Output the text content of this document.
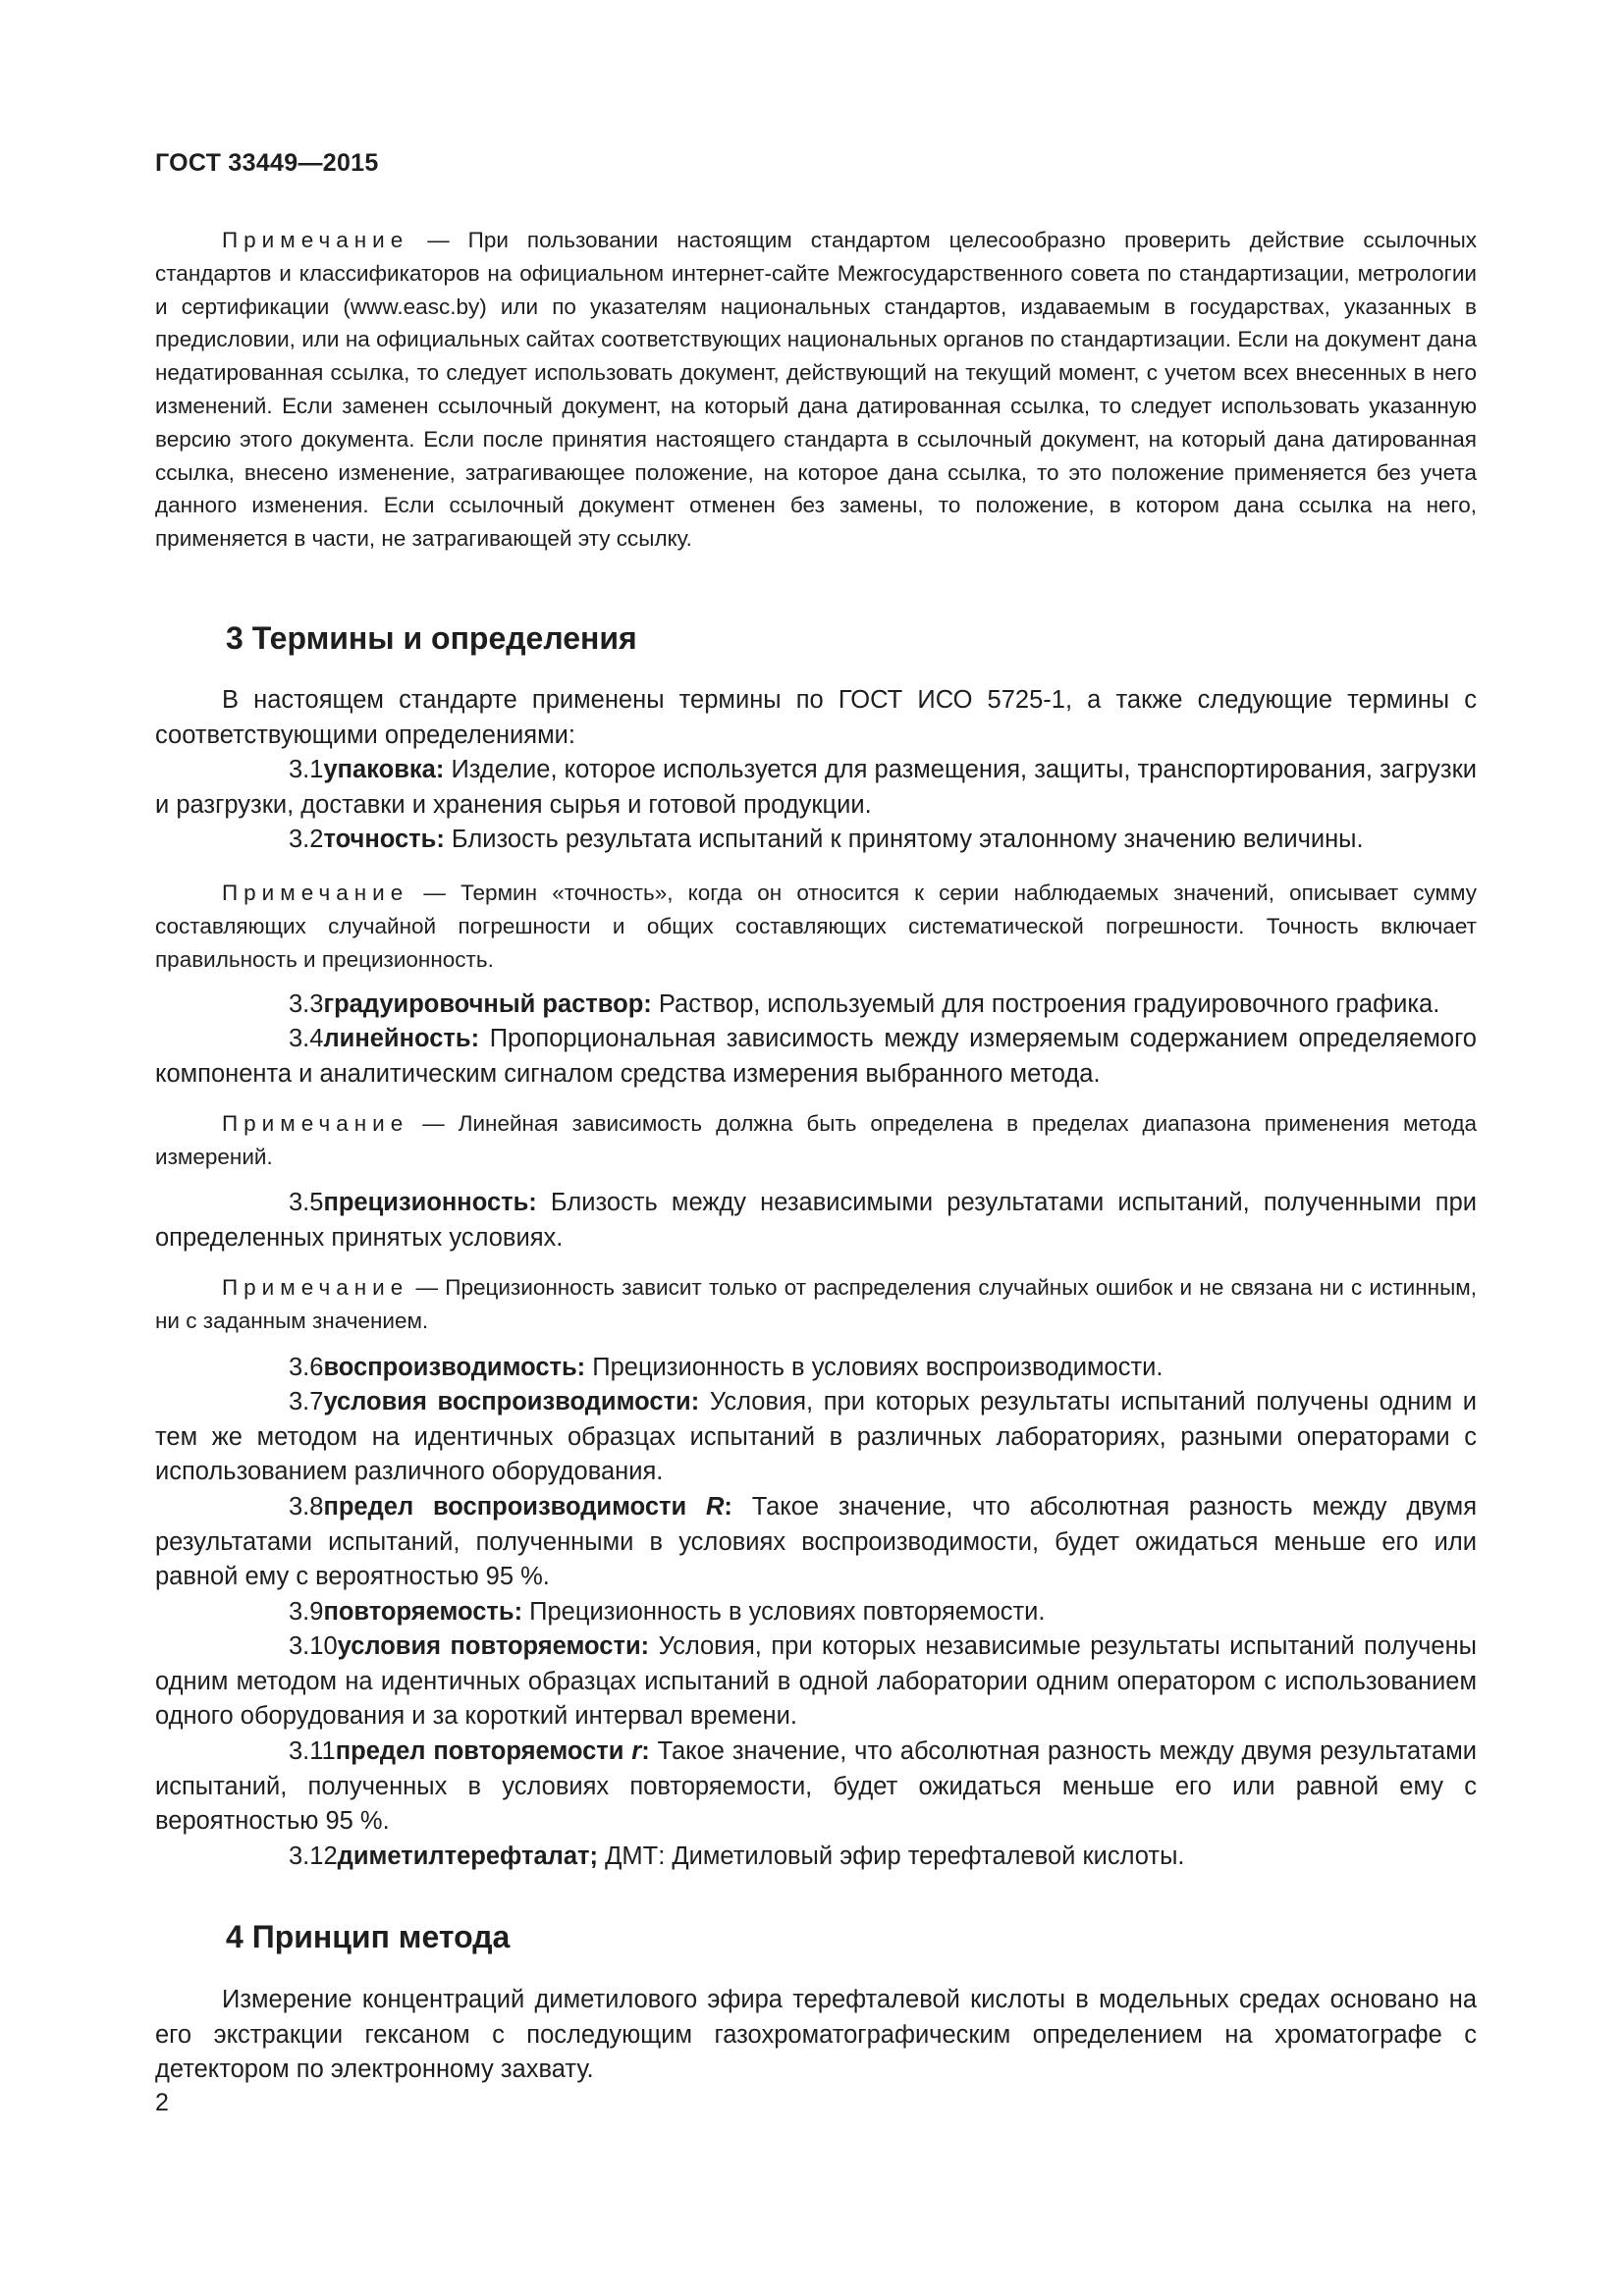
ГОСТ 33449—2015

Примечание — При пользовании настоящим стандартом целесообразно проверить действие ссылочных стандартов и классификаторов на официальном интернет-сайте Межгосударственного совета по стандартизации, метрологии и сертификации (www.easc.by) или по указателям национальных стандартов, издаваемым в государствах, указанных в предисловии, или на официальных сайтах соответствующих национальных органов по стандартизации. Если на документ дана недатированная ссылка, то следует использовать документ, действующий на текущий момент, с учетом всех внесенных в него изменений. Если заменен ссылочный документ, на который дана датированная ссылка, то следует использовать указанную версию этого документа. Если после принятия настоящего стандарта в ссылочный документ, на который дана датированная ссылка, внесено изменение, затрагивающее положение, на которое дана ссылка, то это положение применяется без учета данного изменения. Если ссылочный документ отменен без замены, то положение, в котором дана ссылка на него, применяется в части, не затрагивающей эту ссылку.

3 Термины и определения

В настоящем стандарте применены термины по ГОСТ ИСО 5725-1, а также следующие термины с соответствующими определениями:

3.1упаковка: Изделие, которое используется для размещения, защиты, транспортирования, загрузки и разгрузки, доставки и хранения сырья и готовой продукции.

3.2точность: Близость результата испытаний к принятому эталонному значению величины.

Примечание — Термин «точность», когда он относится к серии наблюдаемых значений, описывает сумму составляющих случайной погрешности и общих составляющих систематической погрешности. Точность включает правильность и прецизионность.

3.3градуировочный раствор: Раствор, используемый для построения градуировочного графика.

3.4линейность: Пропорциональная зависимость между измеряемым содержанием определяемого компонента и аналитическим сигналом средства измерения выбранного метода.

Примечание — Линейная зависимость должна быть определена в пределах диапазона применения метода измерений.

3.5прецизионность: Близость между независимыми результатами испытаний, полученными при определенных принятых условиях.

Примечание — Прецизионность зависит только от распределения случайных ошибок и не связана ни с истинным, ни с заданным значением.

3.6воспроизводимость: Прецизионность в условиях воспроизводимости.

3.7условия воспроизводимости: Условия, при которых результаты испытаний получены одним и тем же методом на идентичных образцах испытаний в различных лабораториях, разными операторами с использованием различного оборудования.

3.8предел воспроизводимости R: Такое значение, что абсолютная разность между двумя результатами испытаний, полученными в условиях воспроизводимости, будет ожидаться меньше его или равной ему с вероятностью 95 %.

3.9повторяемость: Прецизионность в условиях повторяемости.

3.10условия повторяемости: Условия, при которых независимые результаты испытаний получены одним методом на идентичных образцах испытаний в одной лаборатории одним оператором с использованием одного оборудования и за короткий интервал времени.

3.11предел повторяемости r: Такое значение, что абсолютная разность между двумя результатами испытаний, полученных в условиях повторяемости, будет ожидаться меньше его или равной ему с вероятностью 95 %.

3.12диметилтерефталат; ДМТ: Диметиловый эфир терефталевой кислоты.

4 Принцип метода

Измерение концентраций диметилового эфира терефталевой кислоты в модельных средах основано на его экстракции гексаном с последующим газохроматографическим определением на хроматографе с детектором по электронному захвату.

2
